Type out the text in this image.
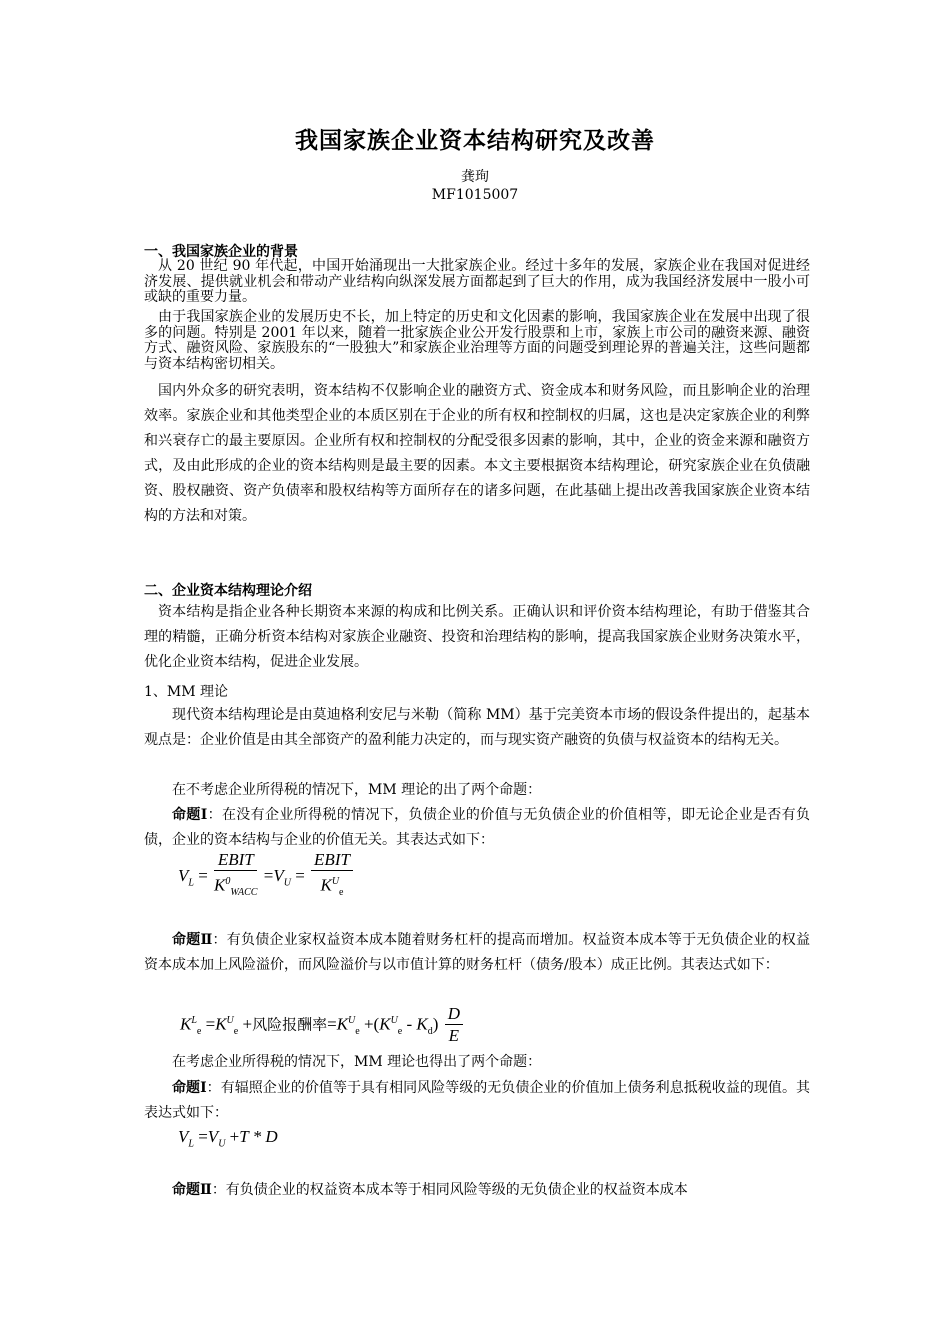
我国家族企业资本结构研究及改善
龚珣
MF1015007
一、我国家族企业的背景
从 20 世纪 90 年代起，中国开始涌现出一大批家族企业。经过十多年的发展，家族企业在我国对促进经济发展、提供就业机会和带动产业结构向纵深发展方面都起到了巨大的作用，成为我国经济发展中一股小可或缺的重要力量。
由于我国家族企业的发展历史不长，加上特定的历史和文化因素的影响，我国家族企业在发展中出现了很多的问题。特别是 2001 年以来，随着一批家族企业公开发行股票和上市，家族上市公司的融资来源、融资方式、融资风险、家族股东的“一股独大”和家族企业治理等方面的问题受到理论界的普遍关注，这些问题都与资本结构密切相关。
国内外众多的研究表明，资本结构不仅影响企业的融资方式、资金成本和财务风险，而且影响企业的治理效率。家族企业和其他类型企业的本质区别在于企业的所有权和控制权的归属，这也是决定家族企业的利弊和兴衰存亡的最主要原因。企业所有权和控制权的分配受很多因素的影响，其中，企业的资金来源和融资方式，及由此形成的企业的资本结构则是最主要的因素。本文主要根据资本结构理论，研究家族企业在负债融资、股权融资、资产负债率和股权结构等方面所存在的诸多问题，在此基础上提出改善我国家族企业资本结构的方法和对策。
二、企业资本结构理论介绍
资本结构是指企业各种长期资本来源的构成和比例关系。正确认识和评价资本结构理论，有助于借鉴其合理的精髓，正确分析资本结构对家族企业融资、投资和治理结构的影响，提高我国家族企业财务决策水平，优化企业资本结构，促进企业发展。
1、MM 理论
现代资本结构理论是由莫迪格利安尼与米勒（简称 MM）基于完美资本市场的假设条件提出的，起基本观点是：企业价值是由其全部资产的盈利能力决定的，而与现实资产融资的负债与权益资本的结构无关。
在不考虑企业所得税的情况下，MM 理论的出了两个命题：
命题Ⅰ：在没有企业所得税的情况下，负债企业的价值与无负债企业的价值相等，即无论企业是否有负债，企业的资本结构与企业的价值无关。其表达式如下：
$V_L = \frac{\text{EBIT}}{K^0_{WACC}} =V_U = \frac{\text{EBIT}}{K^U_e}$
命题Ⅱ：有负债企业家权益资本成本随着财务杠杆的提高而增加。权益资本成本等于无负债企业的权益资本成本加上风险溢价，而风险溢价与以市值计算的财务杠杆（债务/股本）成正比例。其表达式如下：
$K^L_e =K^U_e$ +风险报酬率$=K^U_e +(K^U_e - K_d) \frac{D}{E}$
在考虑企业所得税的情况下，MM 理论也得出了两个命题：
命题Ⅰ：有辐照企业的价值等于具有相同风险等级的无负债企业的价值加上债务利息抵税收益的现值。其表达式如下：
$V_L =V_U +T * D$
命题Ⅱ：有负债企业的权益资本成本等于相同风险等级的无负债企业的权益资本成本
